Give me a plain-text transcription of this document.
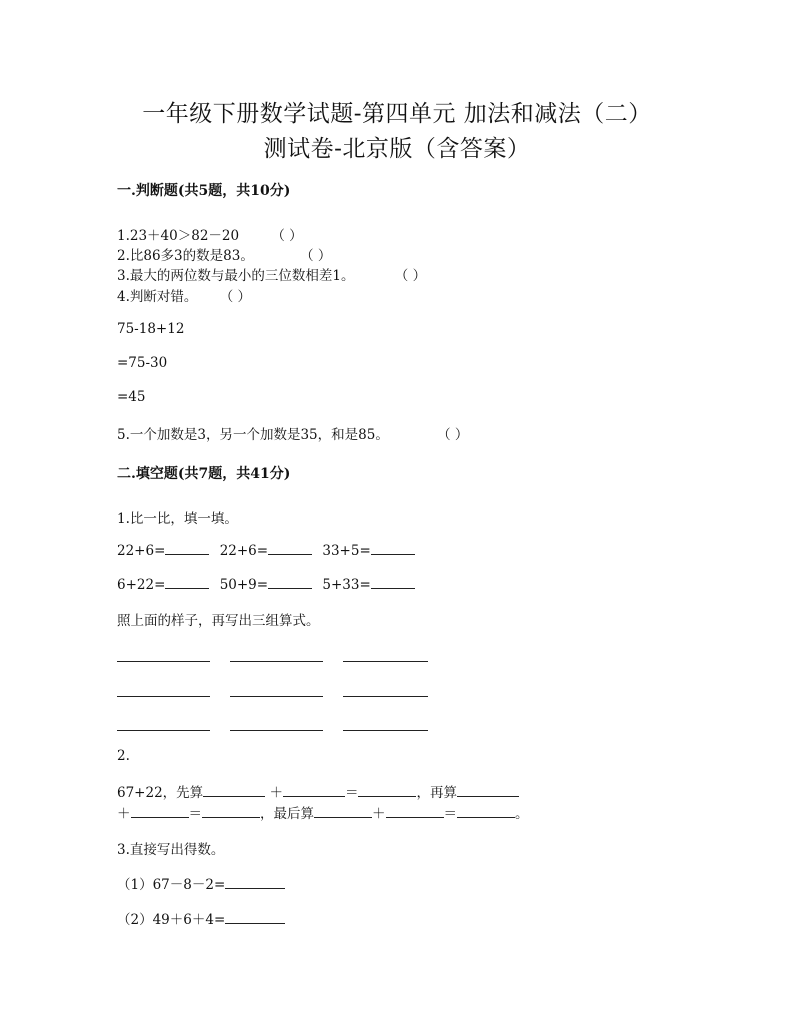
一年级下册数学试题-第四单元 加法和减法（二）
测试卷-北京版（含答案）
一.判断题(共5题，共10分)
1.23＋40＞82－20 （ ）
2.比86多3的数是83。	（ ）
3.最大的两位数与最小的三位数相差1。	（ ）
4.判断对错。 （ ）
75-18+12
=75-30
=45
5.一个加数是3，另一个加数是35，和是85。	（ ）
二.填空题(共7题，共41分)
1.比一比，填一填。
22+6=	22+6=	33+5=
6+22=	50+9=	5+33=
照上面的样子，再写出三组算式。
2.
67+22，先算	＋	＝	，再算
＋	＝	，最后算	＋	＝	。
3.直接写出得数。
（1）67－8－2=
（2）49＋6＋4=
